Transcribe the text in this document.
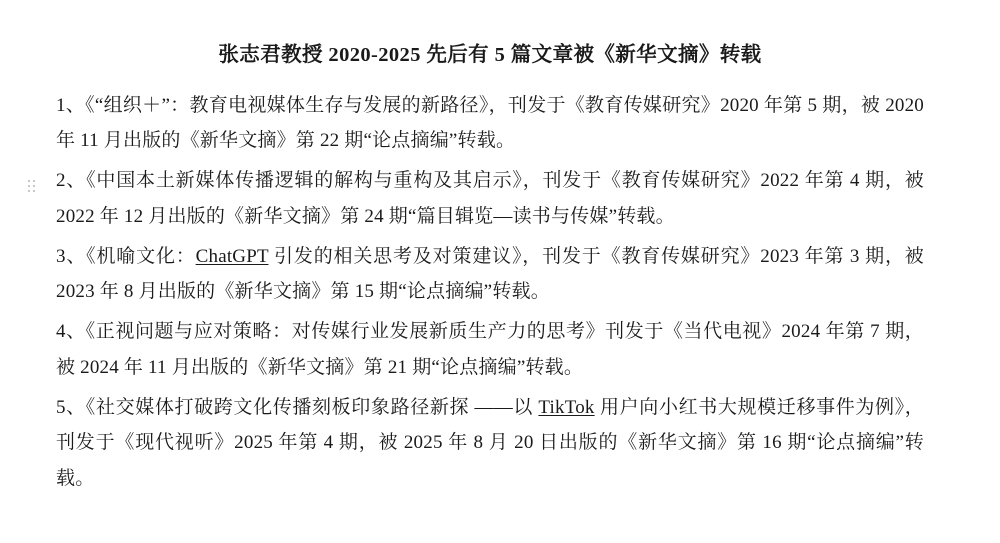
张志君教授 2020-2025 先后有 5 篇文章被《新华文摘》转载

1、《“组织＋”：教育电视媒体生存与发展的新路径》，刊发于《教育传媒研究》2020 年第 5 期，被 2020 年 11 月出版的《新华文摘》第 22 期“论点摘编”转载。

2、《中国本土新媒体传播逻辑的解构与重构及其启示》，刊发于《教育传媒研究》2022 年第 4 期，被 2022 年 12 月出版的《新华文摘》第 24 期“篇目辑览—读书与传媒”转载。

3、《机喻文化：ChatGPT 引发的相关思考及对策建议》，刊发于《教育传媒研究》2023 年第 3 期，被 2023 年 8 月出版的《新华文摘》第 15 期“论点摘编”转载。

4、《正视问题与应对策略：对传媒行业发展新质生产力的思考》刊发于《当代电视》2024 年第 7 期，被 2024 年 11 月出版的《新华文摘》第 21 期“论点摘编”转载。

5、《社交媒体打破跨文化传播刻板印象路径新探 ——以 TikTok 用户向小红书大规模迁移事件为例》，刊发于《现代视听》2025 年第 4 期，被 2025 年 8 月 20 日出版的《新华文摘》第 16 期“论点摘编”转载。
